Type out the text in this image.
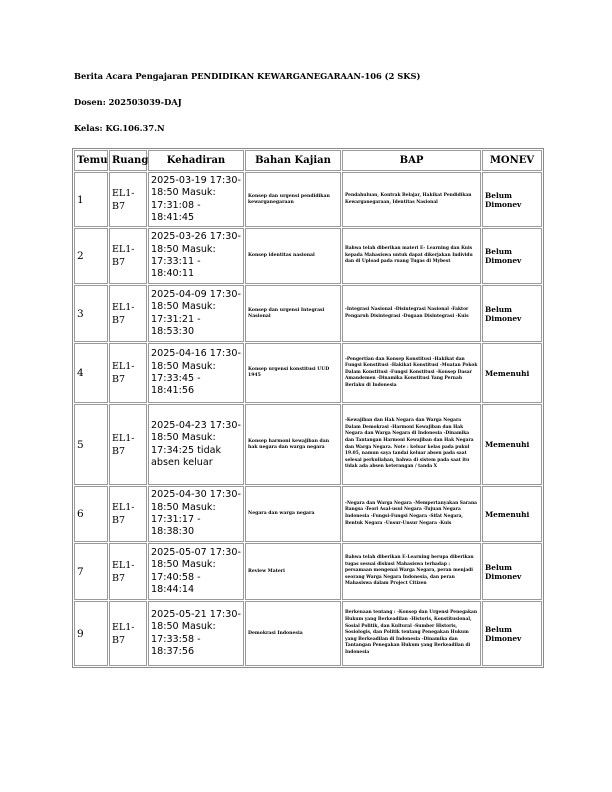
Berita Acara Pengajaran PENDIDIKAN KEWARGANEGARAAN-106 (2 SKS)
Dosen: 202503039-DAJ
Kelas: KG.106.37.N
Temu	Ruang	Kehadiran	Bahan Kajian	BAP	MONEV
1	EL1-B7	2025-03-19 17:30-18:50 Masuk: 17:31:08 - 18:41:45	Konsep dan urgensi pendidikan kewarganegaraan	Pendahuluan, Kontrak Belajar, Hakikat Pendidikan Kewarganegaraan, Identitas Nasional	Belum Dimonev
2	EL1-B7	2025-03-26 17:30-18:50 Masuk: 17:33:11 - 18:40:11	Konsep identitas nasional	Bahwa telah diberikan materi E- Learning dan Kuis kepada Mahasiswa untuk dapat dikerjakan Individu dan di Upload pada ruang Tugas di Mybest	Belum Dimonev
3	EL1-B7	2025-04-09 17:30-18:50 Masuk: 17:31:21 - 18:53:30	Konsep dan urgensi Integrasi Nasional	-Integrasi Nasional -Disintegrasi Nasional -Faktor Pengaruh Disintegrasi -Dugaan Disintegrasi -Kuis	Belum Dimonev
4	EL1-B7	2025-04-16 17:30-18:50 Masuk: 17:33:45 - 18:41:56	Konsep urgensi konstitusi UUD 1945	-Pengertian dan Konsep Konstitusi -Hakikat dan Fungsi Konstitusi -Hakikat Konstitusi -Muatan Pokok Dalam Konstitusi -Fungsi Konstitusi -Konsep Dasar Amandemen -Dinamika Konstitusi Yang Pernah Berlaku di Indonesia	Memenuhi
5	EL1-B7	2025-04-23 17:30-18:50 Masuk: 17:34:25 tidak absen keluar	Konsep harmoni kewajiban dan hak negara dan warga negara	-Kewajiban dan Hak Negara dan Warga Negara Dalam Demokrasi -Harmoni Kewajiban dan Hak Negara dan Warga Negara di Indonesia -Dinamika dan Tantangan Harmoni Kewajiban dan Hak Negara dan Warga Negara. Note : keluar kelas pada pukul 19.05, namun saya tandai keluar absen pada saat selesai perkuliahan, bahwa di sistem pada saat itu tidak ada absen keterangan / tanda X	Memenuhi
6	EL1-B7	2025-04-30 17:30-18:50 Masuk: 17:31:17 - 18:38:30	Negara dan warga negara	-Negara dan Warga Negara -Mempertanyakan Sarana Bangsa -Teori Asal-usul Negara -Tujuan Negara Indonesia -Fungsi-Fungsi Negara -Sifat Negara, Bentuk Negara -Unsur-Unsur Negara -Kuis	Memenuhi
7	EL1-B7	2025-05-07 17:30-18:50 Masuk: 17:40:58 - 18:44:14	Review Materi	Bahwa telah diberikan E-Learning berupa diberikan tugas sesuai diskusi Mahasiswa terhadap : persamaan mengenai Warga Negara, peran menjadi seorang Warga Negara Indonesia, dan peran Mahasiswa dalam Project Citizen	Belum Dimonev
9	EL1-B7	2025-05-21 17:30-18:50 Masuk: 17:33:58 - 18:37:56	Demokrasi Indonesia	Berkenaan tentang : -Konsep dan Urgensi Penegakan Hukum yang Berkeadilan -Historis, Konstitusional, Sosial Politik, dan Kultural -Sumber Historis, Sosiologis, dan Politik tentang Penegakan Hukum yang Berkeadilan di Indonesia -Dinamika dan Tantangan Penegakan Hukum yang Berkeadilan di Indonesia	Belum Dimonev
